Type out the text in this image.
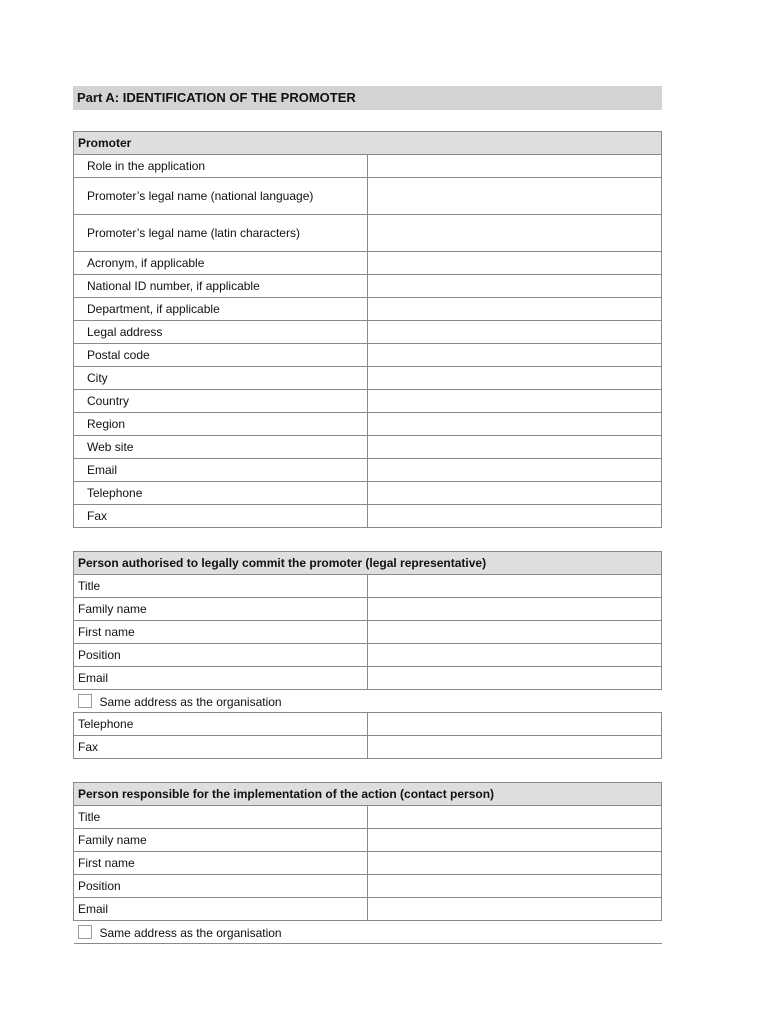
Part A: IDENTIFICATION OF THE PROMOTER
Promoter	
Role in the application	
Promoter’s legal name (national language)	
Promoter’s legal name (latin characters)	
Acronym, if applicable	
National ID number, if applicable	
Department, if applicable	
Legal address	
Postal code	
City	
Country	
Region	
Web site	
Email	
Telephone	
Fax	
Person authorised to legally commit the promoter (legal representative)	
Title	
Family name	
First name	
Position	
Email	
Same address as the organisation	
Telephone	
Fax	
Person responsible for the implementation of the action (contact person)	
Title	
Family name	
First name	
Position	
Email	
Same address as the organisation	
